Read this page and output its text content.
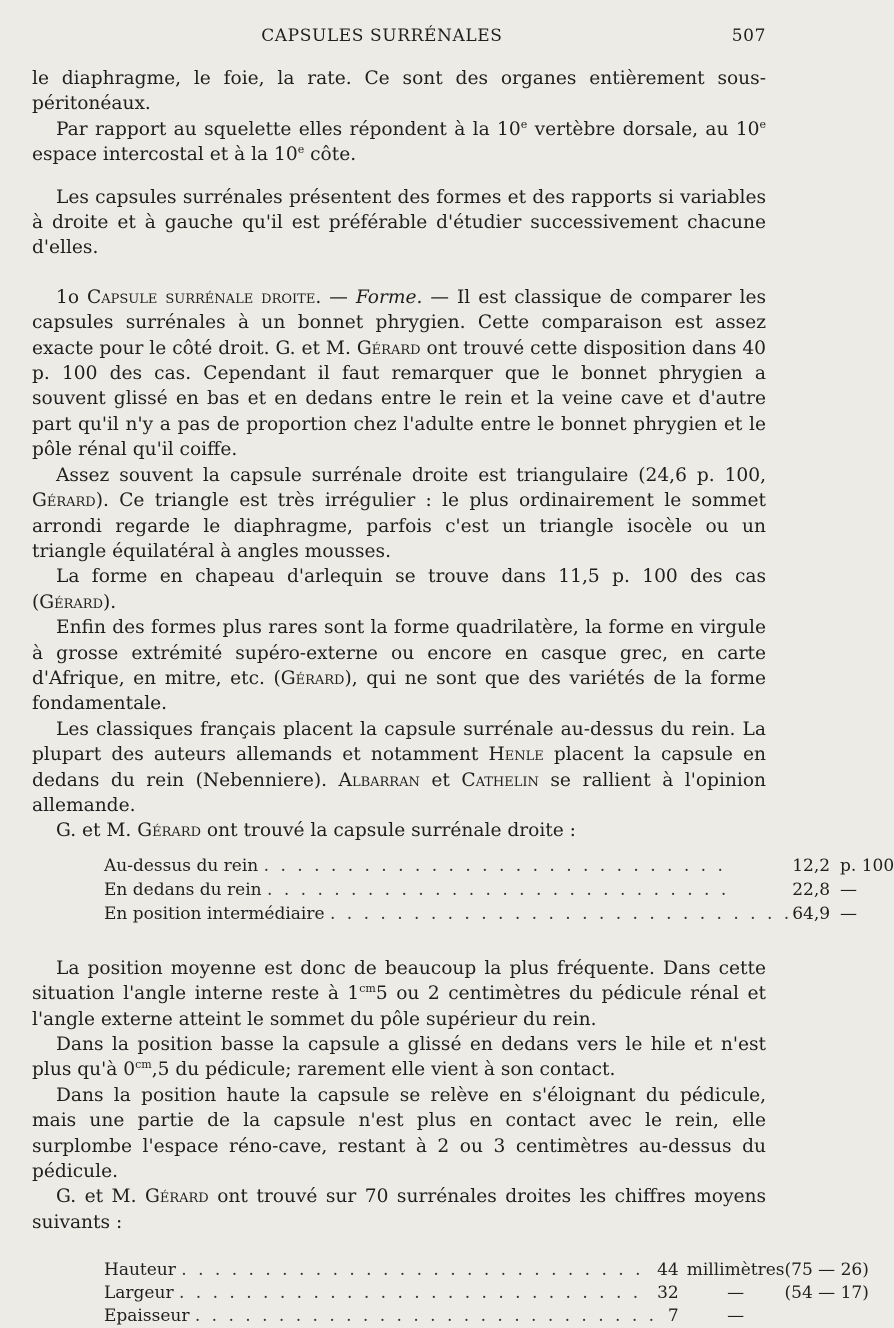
CAPSULES SURRÉNALES	507

le diaphragme, le foie, la rate. Ce sont des organes entièrement sous-péritonéaux.

Par rapport au squelette elles répondent à la 10e vertèbre dorsale, au 10e espace intercostal et à la 10e côte.

Les capsules surrénales présentent des formes et des rapports si variables à droite et à gauche qu'il est préférable d'étudier successivement chacune d'elles.

1o Capsule surrénale droite. — Forme. — Il est classique de comparer les capsules surrénales à un bonnet phrygien. Cette comparaison est assez exacte pour le côté droit. G. et M. Gérard ont trouvé cette disposition dans 40 p. 100 des cas. Cependant il faut remarquer que le bonnet phrygien a souvent glissé en bas et en dedans entre le rein et la veine cave et d'autre part qu'il n'y a pas de proportion chez l'adulte entre le bonnet phrygien et le pôle rénal qu'il coiffe.

Assez souvent la capsule surrénale droite est triangulaire (24,6 p. 100, Gérard). Ce triangle est très irrégulier : le plus ordinairement le sommet arrondi regarde le diaphragme, parfois c'est un triangle isocèle ou un triangle équilatéral à angles mousses.

La forme en chapeau d'arlequin se trouve dans 11,5 p. 100 des cas (Gérard).

Enfin des formes plus rares sont la forme quadrilatère, la forme en virgule à grosse extrémité supéro-externe ou encore en casque grec, en carte d'Afrique, en mitre, etc. (Gérard), qui ne sont que des variétés de la forme fondamentale.

Les classiques français placent la capsule surrénale au-dessus du rein. La plupart des auteurs allemands et notamment Henle placent la capsule en dedans du rein (Nebenniere). Albarran et Cathelin se rallient à l'opinion allemande.

G. et M. Gérard ont trouvé la capsule surrénale droite :

Au-dessus du rein . . . . . . . . . . . . . . . . . . . . . . . . . . . .	12,2	p. 100
En dedans du rein . . . . . . . . . . . . . . . . . . . . . . . . . . . .	22,8	—
En position intermédiaire . . . . . . . . . . . . . . . . . . . . . . . . . . . .	64,9	—

La position moyenne est donc de beaucoup la plus fréquente. Dans cette situation l'angle interne reste à $1^{cm}5$ ou 2 centimètres du pédicule rénal et l'angle externe atteint le sommet du pôle supérieur du rein.

Dans la position basse la capsule a glissé en dedans vers le hile et n'est plus qu'à $0^{cm},5$ du pédicule; rarement elle vient à son contact.

Dans la position haute la capsule se relève en s'éloignant du pédicule, mais une partie de la capsule n'est plus en contact avec le rein, elle surplombe l'espace réno-cave, restant à 2 ou 3 centimètres au-dessus du pédicule.

G. et M. Gérard ont trouvé sur 70 surrénales droites les chiffres moyens suivants :

Hauteur . . . . . . . . . . . . . . . . . . . . . . . . . . . .	44	millimètres	(75 — 26)
Largeur . . . . . . . . . . . . . . . . . . . . . . . . . . . .	32	—	(54 — 17)
Epaisseur . . . . . . . . . . . . . . . . . . . . . . . . . . . .	7	—	
